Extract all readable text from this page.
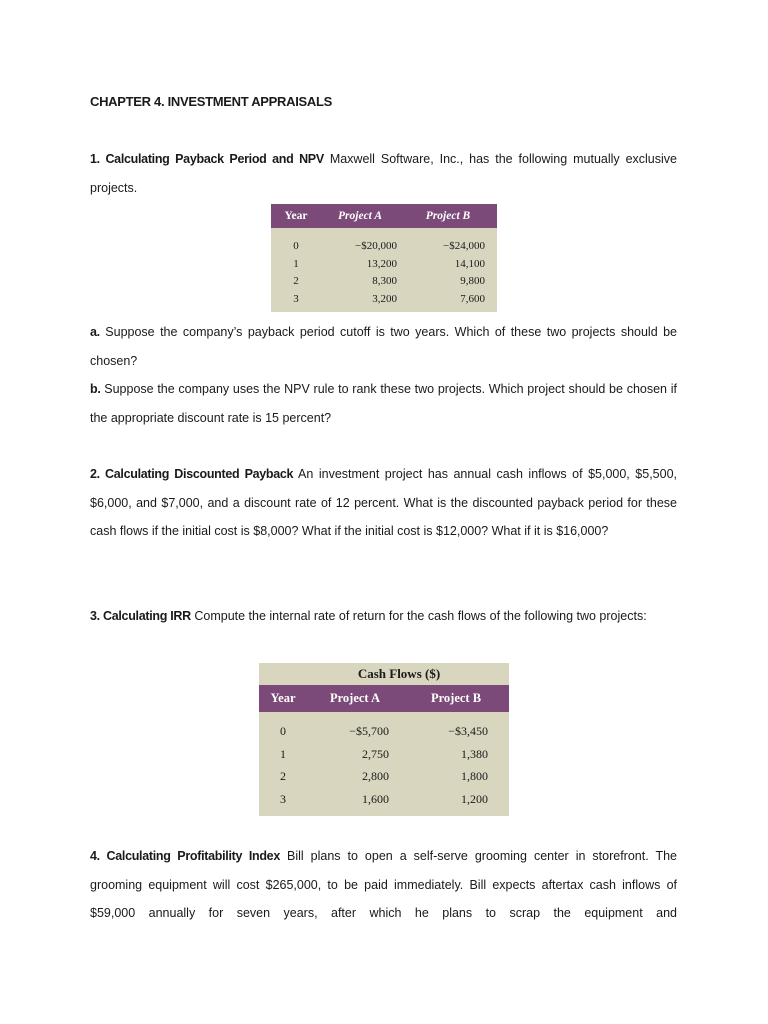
CHAPTER 4. INVESTMENT APPRAISALS
1. Calculating Payback Period and NPV Maxwell Software, Inc., has the following mutually exclusive projects.
Year	Project A	Project B
0	−$20,000	−$24,000
1	13,200	14,100
2	8,300	9,800
3	3,200	7,600
a. Suppose the company’s payback period cutoff is two years. Which of these two projects should be chosen?
b. Suppose the company uses the NPV rule to rank these two projects. Which project should be chosen if the appropriate discount rate is 15 percent?
2. Calculating Discounted Payback An investment project has annual cash inflows of $5,000, $5,500, $6,000, and $7,000, and a discount rate of 12 percent. What is the discounted payback period for these cash flows if the initial cost is $8,000? What if the initial cost is $12,000? What if it is $16,000?
3. Calculating IRR Compute the internal rate of return for the cash flows of the following two projects:
Cash Flows ($)
Year	Project A	Project B
0	−$5,700	−$3,450
1	2,750	1,380
2	2,800	1,800
3	1,600	1,200
4. Calculating Profitability Index Bill plans to open a self-serve grooming center in storefront. The grooming equipment will cost $265,000, to be paid immediately. Bill expects aftertax cash inflows of $59,000 annually for seven years, after which he plans to scrap the equipment and
